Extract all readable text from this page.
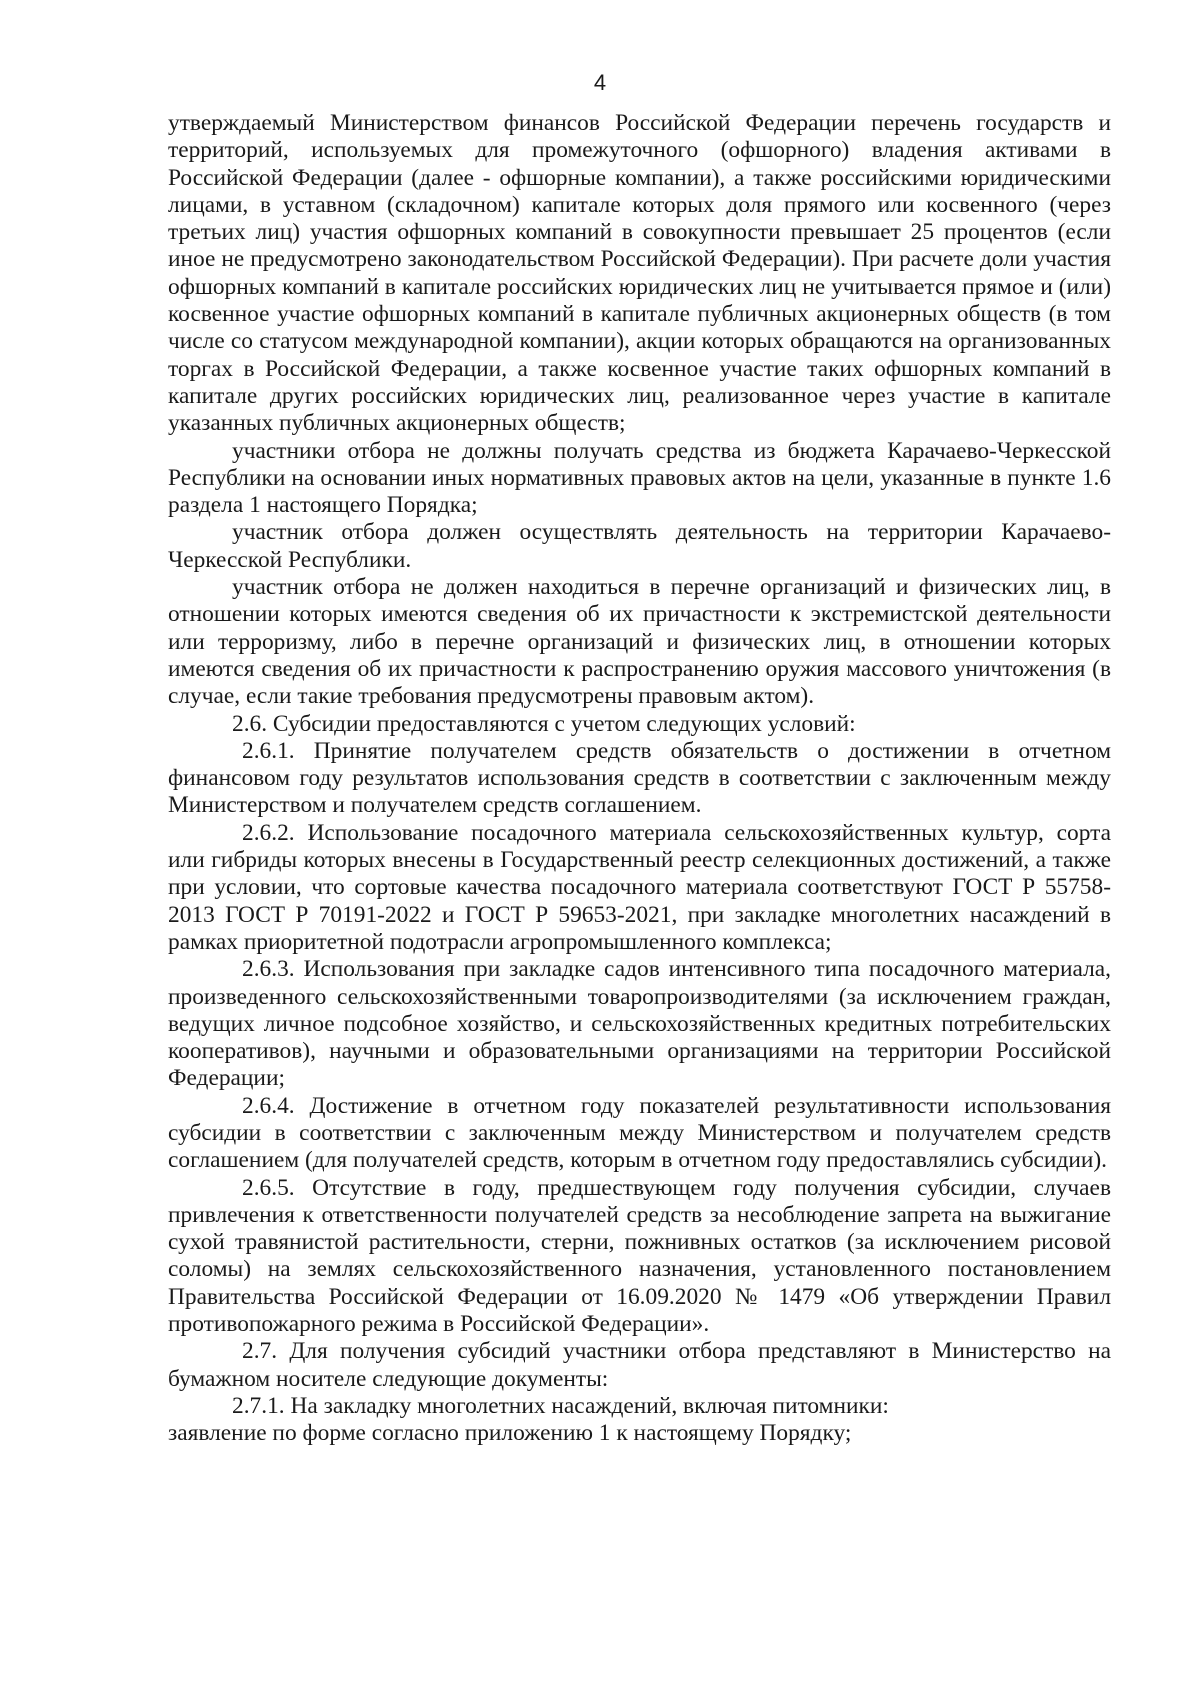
4

утверждаемый Министерством финансов Российской Федерации перечень государств и территорий, используемых для промежуточного (офшорного) владения активами в Российской Федерации (далее - офшорные компании), а также российскими юридическими лицами, в уставном (складочном) капитале которых доля прямого или косвенного (через третьих лиц) участия офшорных компаний в совокупности превышает 25 процентов (если иное не предусмотрено законодательством Российской Федерации). При расчете доли участия офшорных компаний в капитале российских юридических лиц не учитывается прямое и (или) косвенное участие офшорных компаний в капитале публичных акционерных обществ (в том числе со статусом международной компании), акции которых обращаются на организованных торгах в Российской Федерации, а также косвенное участие таких офшорных компаний в капитале других российских юридических лиц, реализованное через участие в капитале указанных публичных акционерных обществ;

участники отбора не должны получать средства из бюджета Карачаево-Черкесской Республики на основании иных нормативных правовых актов на цели, указанные в пункте 1.6 раздела 1 настоящего Порядка;

участник отбора должен осуществлять деятельность на территории Карачаево-Черкесской Республики.

участник отбора не должен находиться в перечне организаций и физических лиц, в отношении которых имеются сведения об их причастности к экстремистской деятельности или терроризму, либо в перечне организаций и физических лиц, в отношении которых имеются сведения об их причастности к распространению оружия массового уничтожения (в случае, если такие требования предусмотрены правовым актом).

2.6. Субсидии предоставляются с учетом следующих условий:

2.6.1. Принятие получателем средств обязательств о достижении в отчетном финансовом году результатов использования средств в соответствии с заключенным между Министерством и получателем средств соглашением.

2.6.2. Использование посадочного материала сельскохозяйственных культур, сорта или гибриды которых внесены в Государственный реестр селекционных достижений, а также при условии, что сортовые качества посадочного материала соответствуют ГОСТ Р 55758-2013 ГОСТ Р 70191-2022 и ГОСТ Р 59653-2021, при закладке многолетних насаждений в рамках приоритетной подотрасли агропромышленного комплекса;

2.6.3. Использования при закладке садов интенсивного типа посадочного материала, произведенного сельскохозяйственными товаропроизводителями (за исключением граждан, ведущих личное подсобное хозяйство, и сельскохозяйственных кредитных потребительских кооперативов), научными и образовательными организациями на территории Российской Федерации;

2.6.4. Достижение в отчетном году показателей результативности использования субсидии в соответствии с заключенным между Министерством и получателем средств соглашением (для получателей средств, которым в отчетном году предоставлялись субсидии).

2.6.5. Отсутствие в году, предшествующем году получения субсидии, случаев привлечения к ответственности получателей средств за несоблюдение запрета на выжигание сухой травянистой растительности, стерни, пожнивных остатков (за исключением рисовой соломы) на землях сельскохозяйственного назначения, установленного постановлением Правительства Российской Федерации от 16.09.2020 № 1479 «Об утверждении Правил противопожарного режима в Российской Федерации».

2.7. Для получения субсидий участники отбора представляют в Министерство на бумажном носителе следующие документы:

2.7.1. На закладку многолетних насаждений, включая питомники:

заявление по форме согласно приложению 1 к настоящему Порядку;
